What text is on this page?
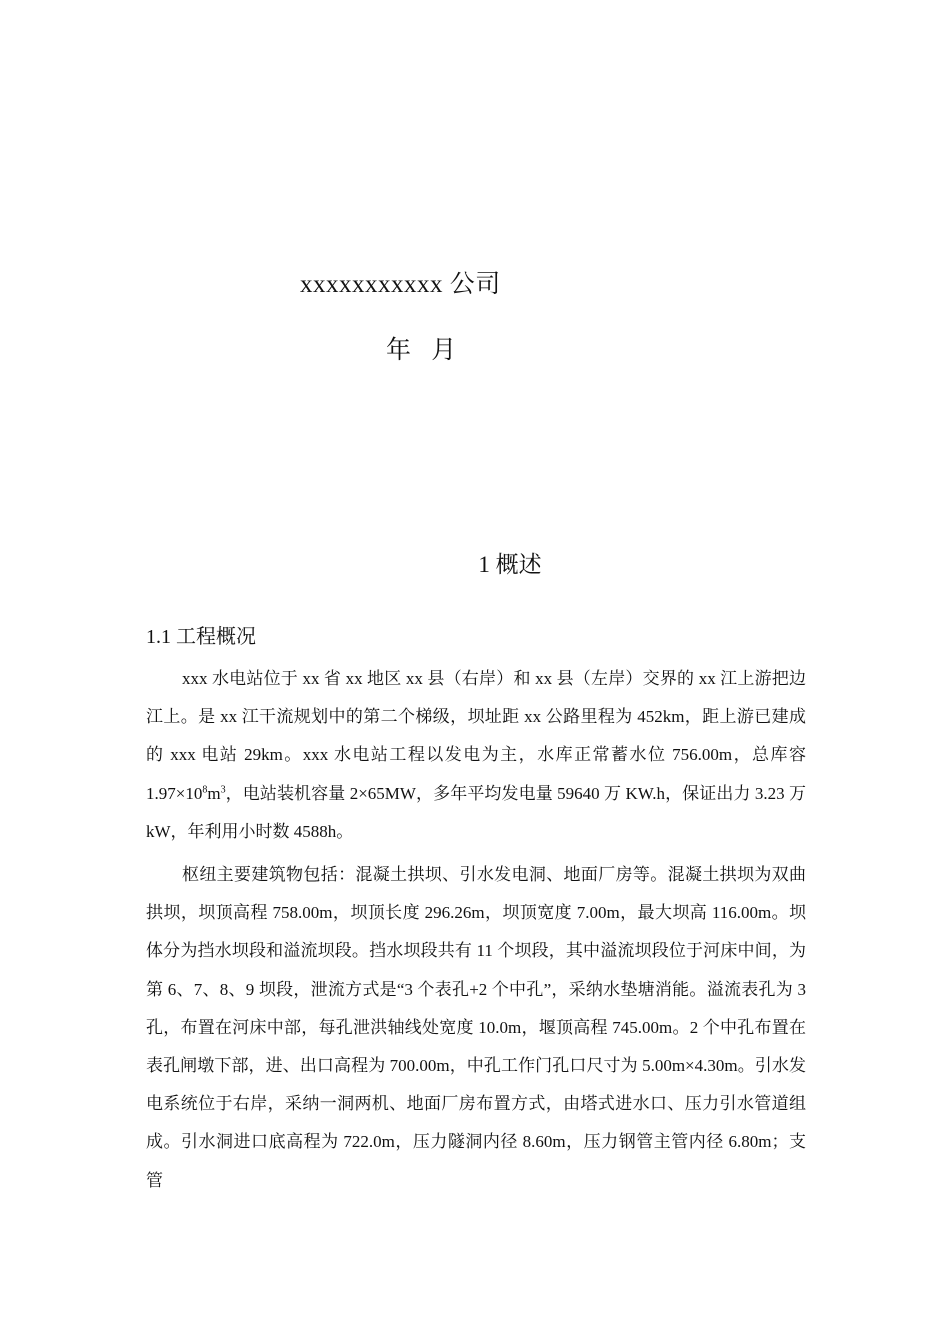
xxxxxxxxxxx 公司
年 月
1 概述
1.1 工程概况

xxx 水电站位于 xx 省 xx 地区 xx 县（右岸）和 xx 县（左岸）交界的 xx 江上游把边江上。是 xx 江干流规划中的第二个梯级，坝址距 xx 公路里程为 452km，距上游已建成的 xxx 电站 29km。xxx 水电站工程以发电为主，水库正常蓄水位 756.00m，总库容 $1.97\times 10^8m^3$，电站装机容量 2×65MW，多年平均发电量 59640 万 KW.h，保证出力 3.23 万 kW，年利用小时数 4588h。

枢纽主要建筑物包括：混凝土拱坝、引水发电洞、地面厂房等。混凝土拱坝为双曲拱坝，坝顶高程 758.00m，坝顶长度 296.26m，坝顶宽度 7.00m，最大坝高 116.00m。坝体分为挡水坝段和溢流坝段。挡水坝段共有 11 个坝段，其中溢流坝段位于河床中间，为第 6、7、8、9 坝段，泄流方式是“3 个表孔+2 个中孔”，采纳水垫塘消能。溢流表孔为 3 孔，布置在河床中部，每孔泄洪轴线处宽度 10.0m，堰顶高程 745.00m。2 个中孔布置在表孔闸墩下部，进、出口高程为 700.00m，中孔工作门孔口尺寸为 5.00m×4.30m。引水发电系统位于右岸，采纳一洞两机、地面厂房布置方式，由塔式进水口、压力引水管道组成。引水洞进口底高程为 722.0m，压力隧洞内径 8.60m，压力钢管主管内径 6.80m；支管
